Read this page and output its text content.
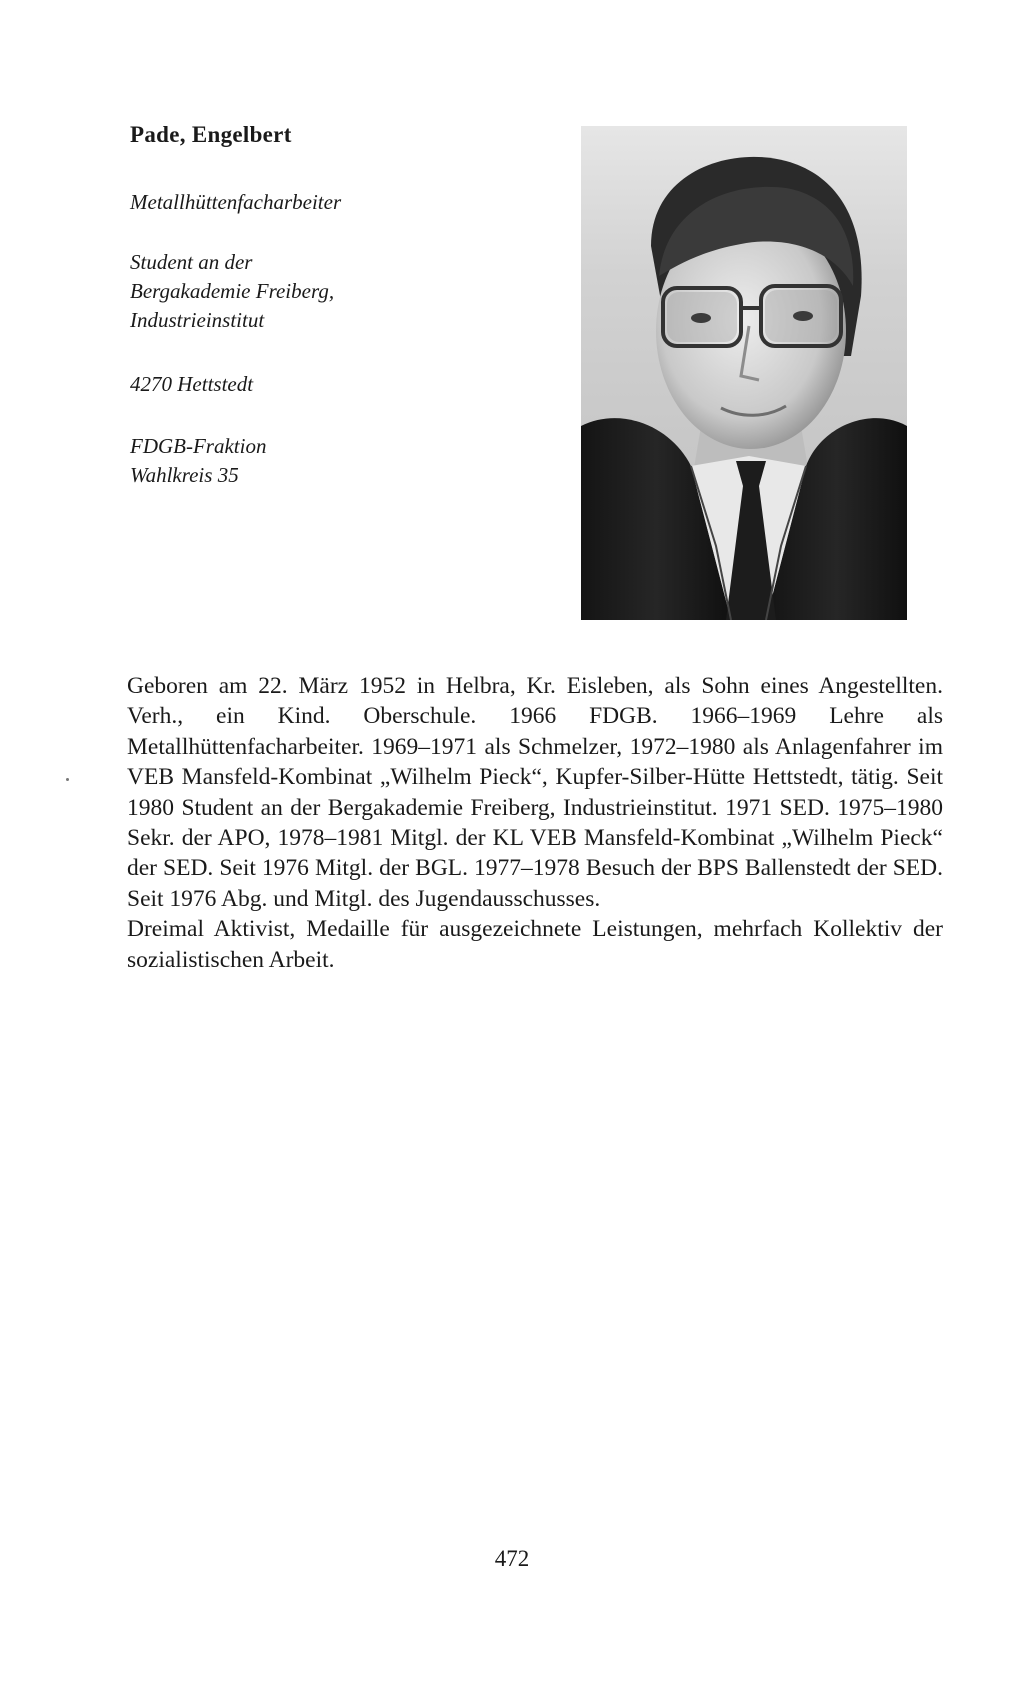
Pade, Engelbert
Metallhüttenfacharbeiter
Student an der
Bergakademie Freiberg,
Industrieinstitut
4270 Hettstedt
FDGB-Fraktion
Wahlkreis 35

Geboren am 22. März 1952 in Helbra, Kr. Eisleben, als Sohn eines Angestellten. Verh., ein Kind. Oberschule. 1966 FDGB. 1966–1969 Lehre als Metallhüttenfacharbeiter. 1969–1971 als Schmelzer, 1972–1980 als Anlagenfahrer im VEB Mansfeld-Kombinat „Wilhelm Pieck“, Kupfer-Silber-Hütte Hettstedt, tätig. Seit 1980 Student an der Bergakademie Freiberg, Industrieinstitut. 1971 SED. 1975–1980 Sekr. der APO, 1978–1981 Mitgl. der KL VEB Mansfeld-Kombinat „Wilhelm Pieck“ der SED. Seit 1976 Mitgl. der BGL. 1977–1978 Besuch der BPS Ballenstedt der SED. Seit 1976 Abg. und Mitgl. des Jugendausschusses.

Dreimal Aktivist, Medaille für ausgezeichnete Leistungen, mehrfach Kollektiv der sozialistischen Arbeit.

472
